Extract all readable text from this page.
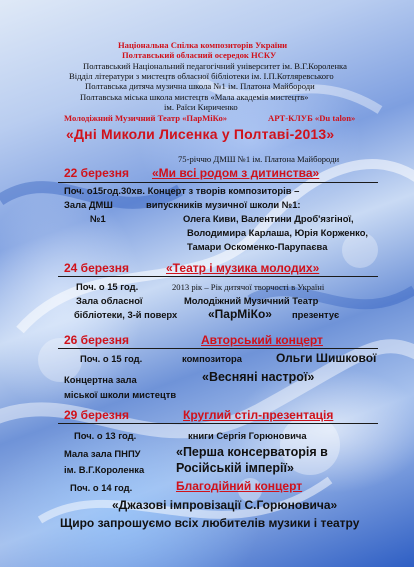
Національна Спілка композиторів України
Полтавський обласний осередок НСКУ
Полтавський Національний педагогічний університет ім. В.Г.Короленка
Відділ літератури з мистецтв обласної бібліотеки ім. І.П.Котляревського
Полтавська дитяча музична школа №1 ім. Платона Майбороди
Полтавська міська школа мистецтв «Мала академія мистецтв»
ім. Раїси Кириченко
Молодіжний Музичний Театр «ПарМіКо»	АРТ-КЛУБ «Du talon»
«Дні Миколи Лисенка у Полтаві-2013»
75-річчю ДМШ №1 ім. Платона Майбороди
22 березня «Ми всі родом з дитинства»
Поч. о15год.30хв. Концерт з творів композиторів –
Зала ДМШ	випускників музичної школи №1:
№1	Олега Киви, Валентини Дроб'язгіної,
Володимира Карлаша, Юрія Корженко,
Тамари Оскоменко-Парупаєва
24 березня	«Театр і музика молодих»
Поч. о 15 год.	2013 рік – Рік дитячої творчості в Україні
Зала обласної	Молодіжний Музичний Театр
бібліотеки, 3-й поверх	«ПарМіКо» презентує
26 березня	Авторський концерт
Поч. о 15 год.	композитора	Ольги Шишкової
Концертна зала	«Весняні настрої»
міської школи мистецтв
29 березня	Круглий стіл-презентація
Поч. о 13 год.	книги Сергія Горюновича
Мала зала ПНПУ	«Перша консерваторія в
ім. В.Г.Короленка	Російській імперії»
Поч. о 14 год.	Благодійний концерт
«Джазові імпровізації С.Горюновича»
Щиро запрошуємо всіх любителів музики і театру
